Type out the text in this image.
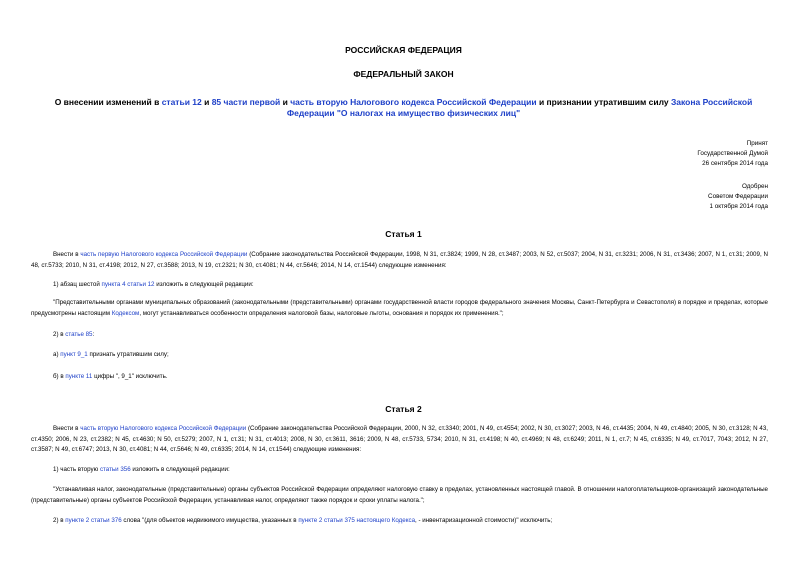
РОССИЙСКАЯ ФЕДЕРАЦИЯ
ФЕДЕРАЛЬНЫЙ ЗАКОН
О внесении изменений в статьи 12 и 85 части первой и часть вторую Налогового кодекса Российской Федерации и признании утратившим силу Закона Российской Федерации "О налогах на имущество физических лиц"
Принят
Государственной Думой
26 сентября 2014 года
Одобрен
Советом Федерации
1 октября 2014 года
Статья 1
Внести в часть первую Налогового кодекса Российской Федерации (Собрание законодательства Российской Федерации, 1998, N 31, ст.3824; 1999, N 28, ст.3487; 2003, N 52, ст.5037; 2004, N 31, ст.3231; 2006, N 31, ст.3436; 2007, N 1, ст.31; 2009, N 48, ст.5733; 2010, N 31, ст.4198; 2012, N 27, ст.3588; 2013, N 19, ст.2321; N 30, ст.4081; N 44, ст.5646; 2014, N 14, ст.1544) следующие изменения:
1) абзац шестой пункта 4 статьи 12 изложить в следующей редакции:
"Представительными органами муниципальных образований (законодательными (представительными) органами государственной власти городов федерального значения Москвы, Санкт-Петербурга и Севастополя) в порядке и пределах, которые предусмотрены настоящим Кодексом, могут устанавливаться особенности определения налоговой базы, налоговые льготы, основания и порядок их применения.";
2) в статье 85:
а) пункт 9_1 признать утратившим силу;
б) в пункте 11 цифры ", 9_1" исключить.
Статья 2
Внести в часть вторую Налогового кодекса Российской Федерации (Собрание законодательства Российской Федерации, 2000, N 32, ст.3340; 2001, N 49, ст.4554; 2002, N 30, ст.3027; 2003, N 46, ст.4435; 2004, N 49, ст.4840; 2005, N 30, ст.3128; N 43, ст.4350; 2006, N 23, ст.2382; N 45, ст.4630; N 50, ст.5279; 2007, N 1, ст.31; N 31, ст.4013; 2008, N 30, ст.3611, 3616; 2009, N 48, ст.5733, 5734; 2010, N 31, ст.4198; N 40, ст.4969; N 48, ст.6249; 2011, N 1, ст.7; N 45, ст.6335; N 49, ст.7017, 7043; 2012, N 27, ст.3587; N 49, ст.6747; 2013, N 30, ст.4081; N 44, ст.5646; N 49, ст.6335; 2014, N 14, ст.1544) следующие изменения:
1) часть вторую статьи 356 изложить в следующей редакции:
"Устанавливая налог, законодательные (представительные) органы субъектов Российской Федерации определяют налоговую ставку в пределах, установленных настоящей главой. В отношении налогоплательщиков-организаций законодательные (представительные) органы субъектов Российской Федерации, устанавливая налог, определяют также порядок и сроки уплаты налога.";
2) в пункте 2 статьи 376 слова "(для объектов недвижимого имущества, указанных в пункте 2 статьи 375 настоящего Кодекса, - инвентаризационной стоимости)" исключить;
